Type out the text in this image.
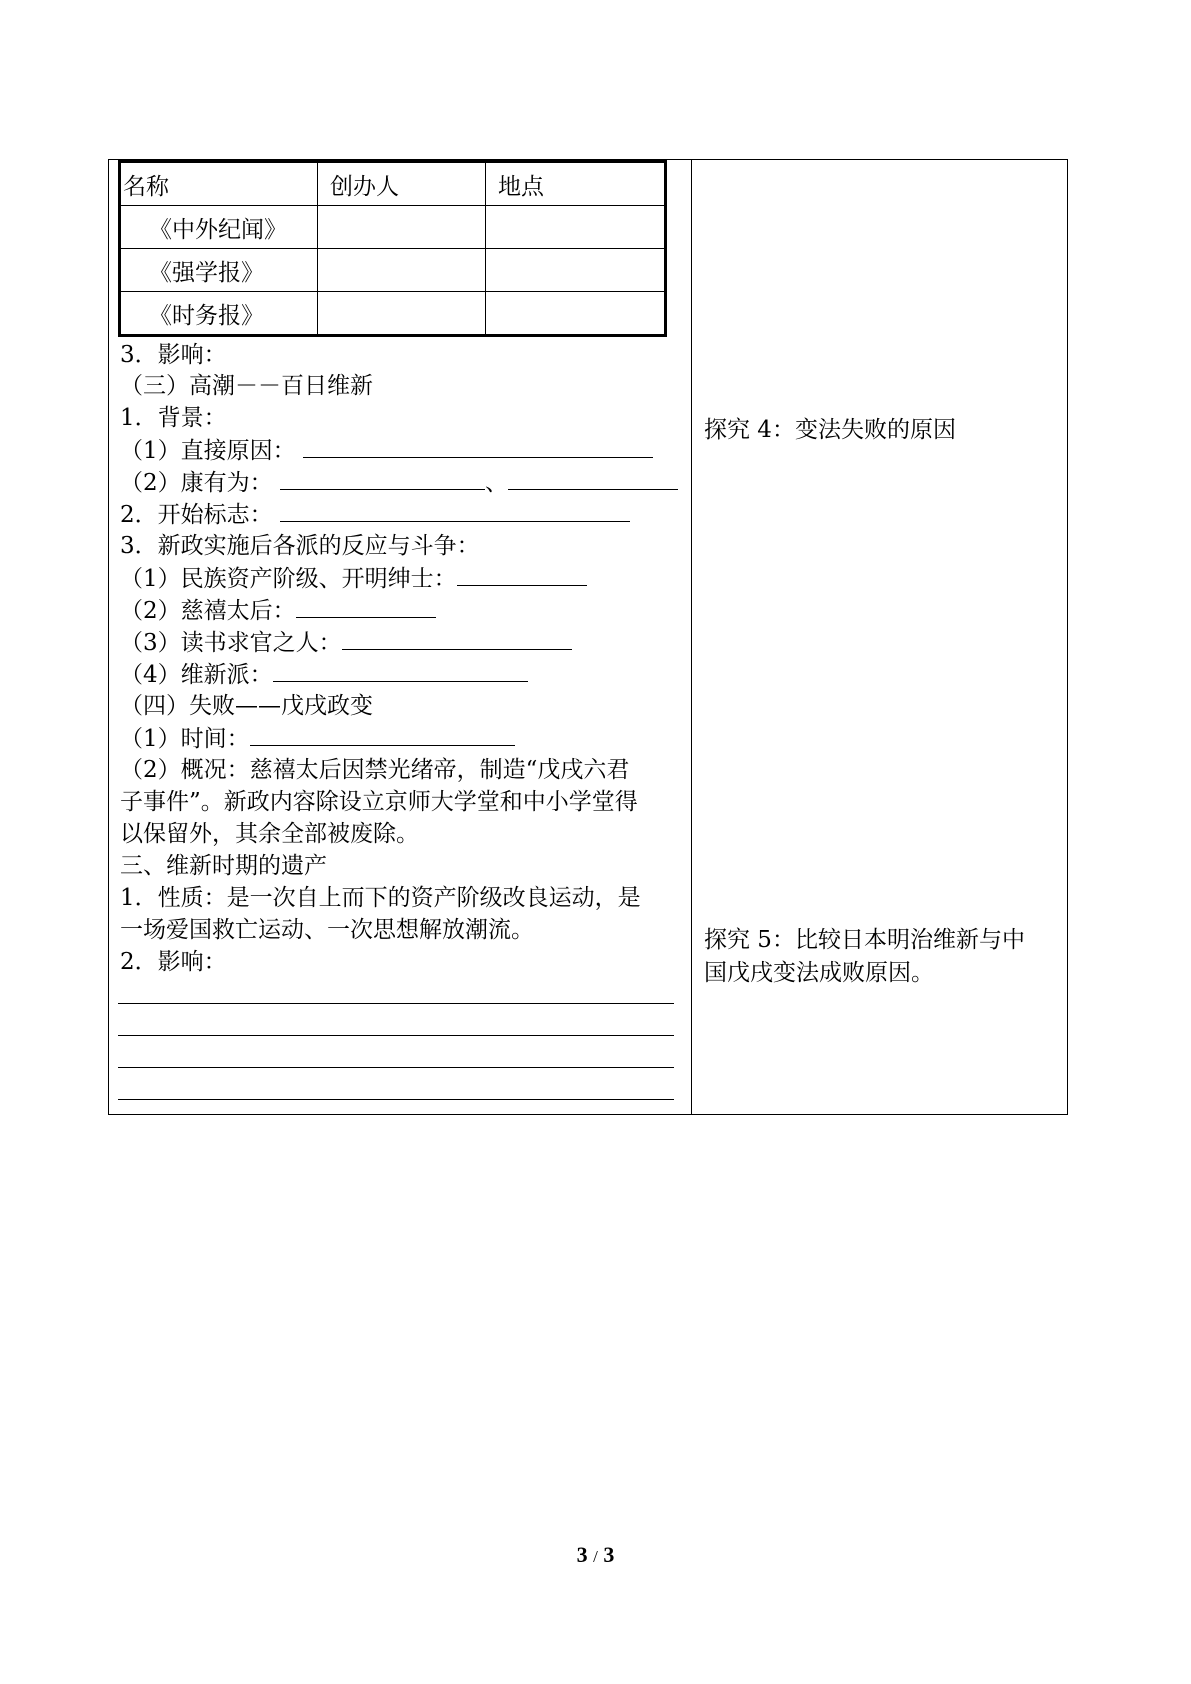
名称	创办人	地点
《中外纪闻》		
《强学报》		
《时务报》		
3．影响：
（三）高潮－－百日维新
1．背景：
（1）直接原因：
（2）康有为：	、
2．开始标志：
3．新政实施后各派的反应与斗争：
（1）民族资产阶级、开明绅士：
（2）慈禧太后：
（3）读书求官之人：
（4）维新派：
（四）失败——戊戌政变
（1）时间：
（2）概况：慈禧太后因禁光绪帝，制造“戊戌六君
子事件”。新政内容除设立京师大学堂和中小学堂得
以保留外，其余全部被废除。
三、维新时期的遗产
1．性质：是一次自上而下的资产阶级改良运动，是
一场爱国救亡运动、一次思想解放潮流。
2．影响：
探究 4：变法失败的原因
探究 5：比较日本明治维新与中
国戊戌变法成败原因。
3 / 3
